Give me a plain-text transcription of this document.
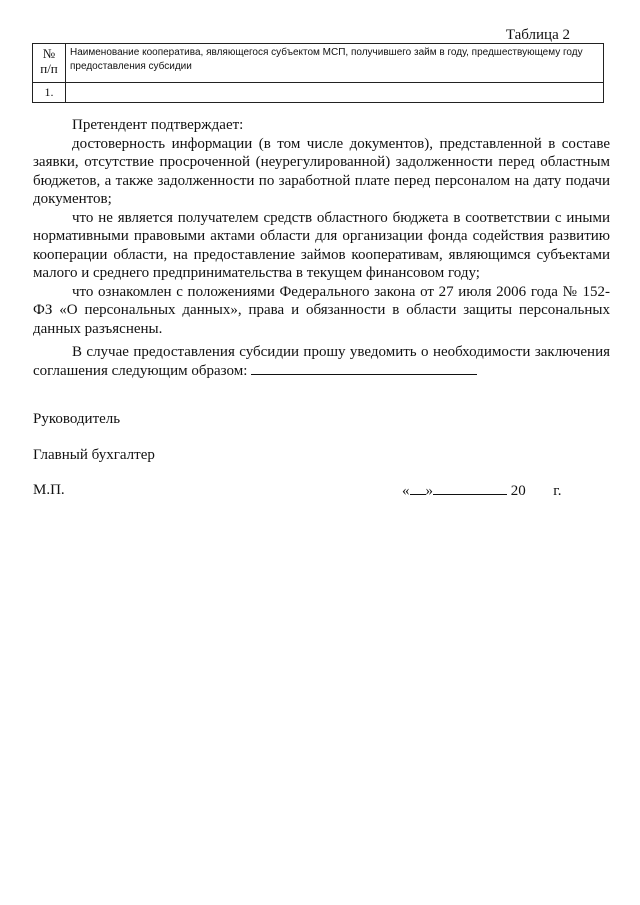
Таблица 2
№
п/п	Наименование кооператива, являющегося субъектом МСП, получившего займ в году, предшествующему году предоставления субсидии
1.	
Претендент подтверждает:
достоверность информации (в том числе документов), представленной в составе заявки, отсутствие просроченной (неурегулированной) задолженности перед областным бюджетов, а также задолженности по заработной плате перед персоналом на дату подачи документов;
что не является получателем средств областного бюджета в соответствии с иными нормативными правовыми актами области для организации фонда содействия развитию кооперации области, на предоставление займов кооперативам, являющимся субъектами малого и среднего предпринимательства в текущем финансовом году;
что ознакомлен с положениями Федерального закона от 27 июля 2006 года № 152-ФЗ «О персональных данных», права и обязанности в области защиты персональных данных разъяснены.
В случае предоставления субсидии прошу уведомить о необходимости заключения соглашения следующим образом:
Руководитель
Главный бухгалтер
М.П.	« »	20 г.
